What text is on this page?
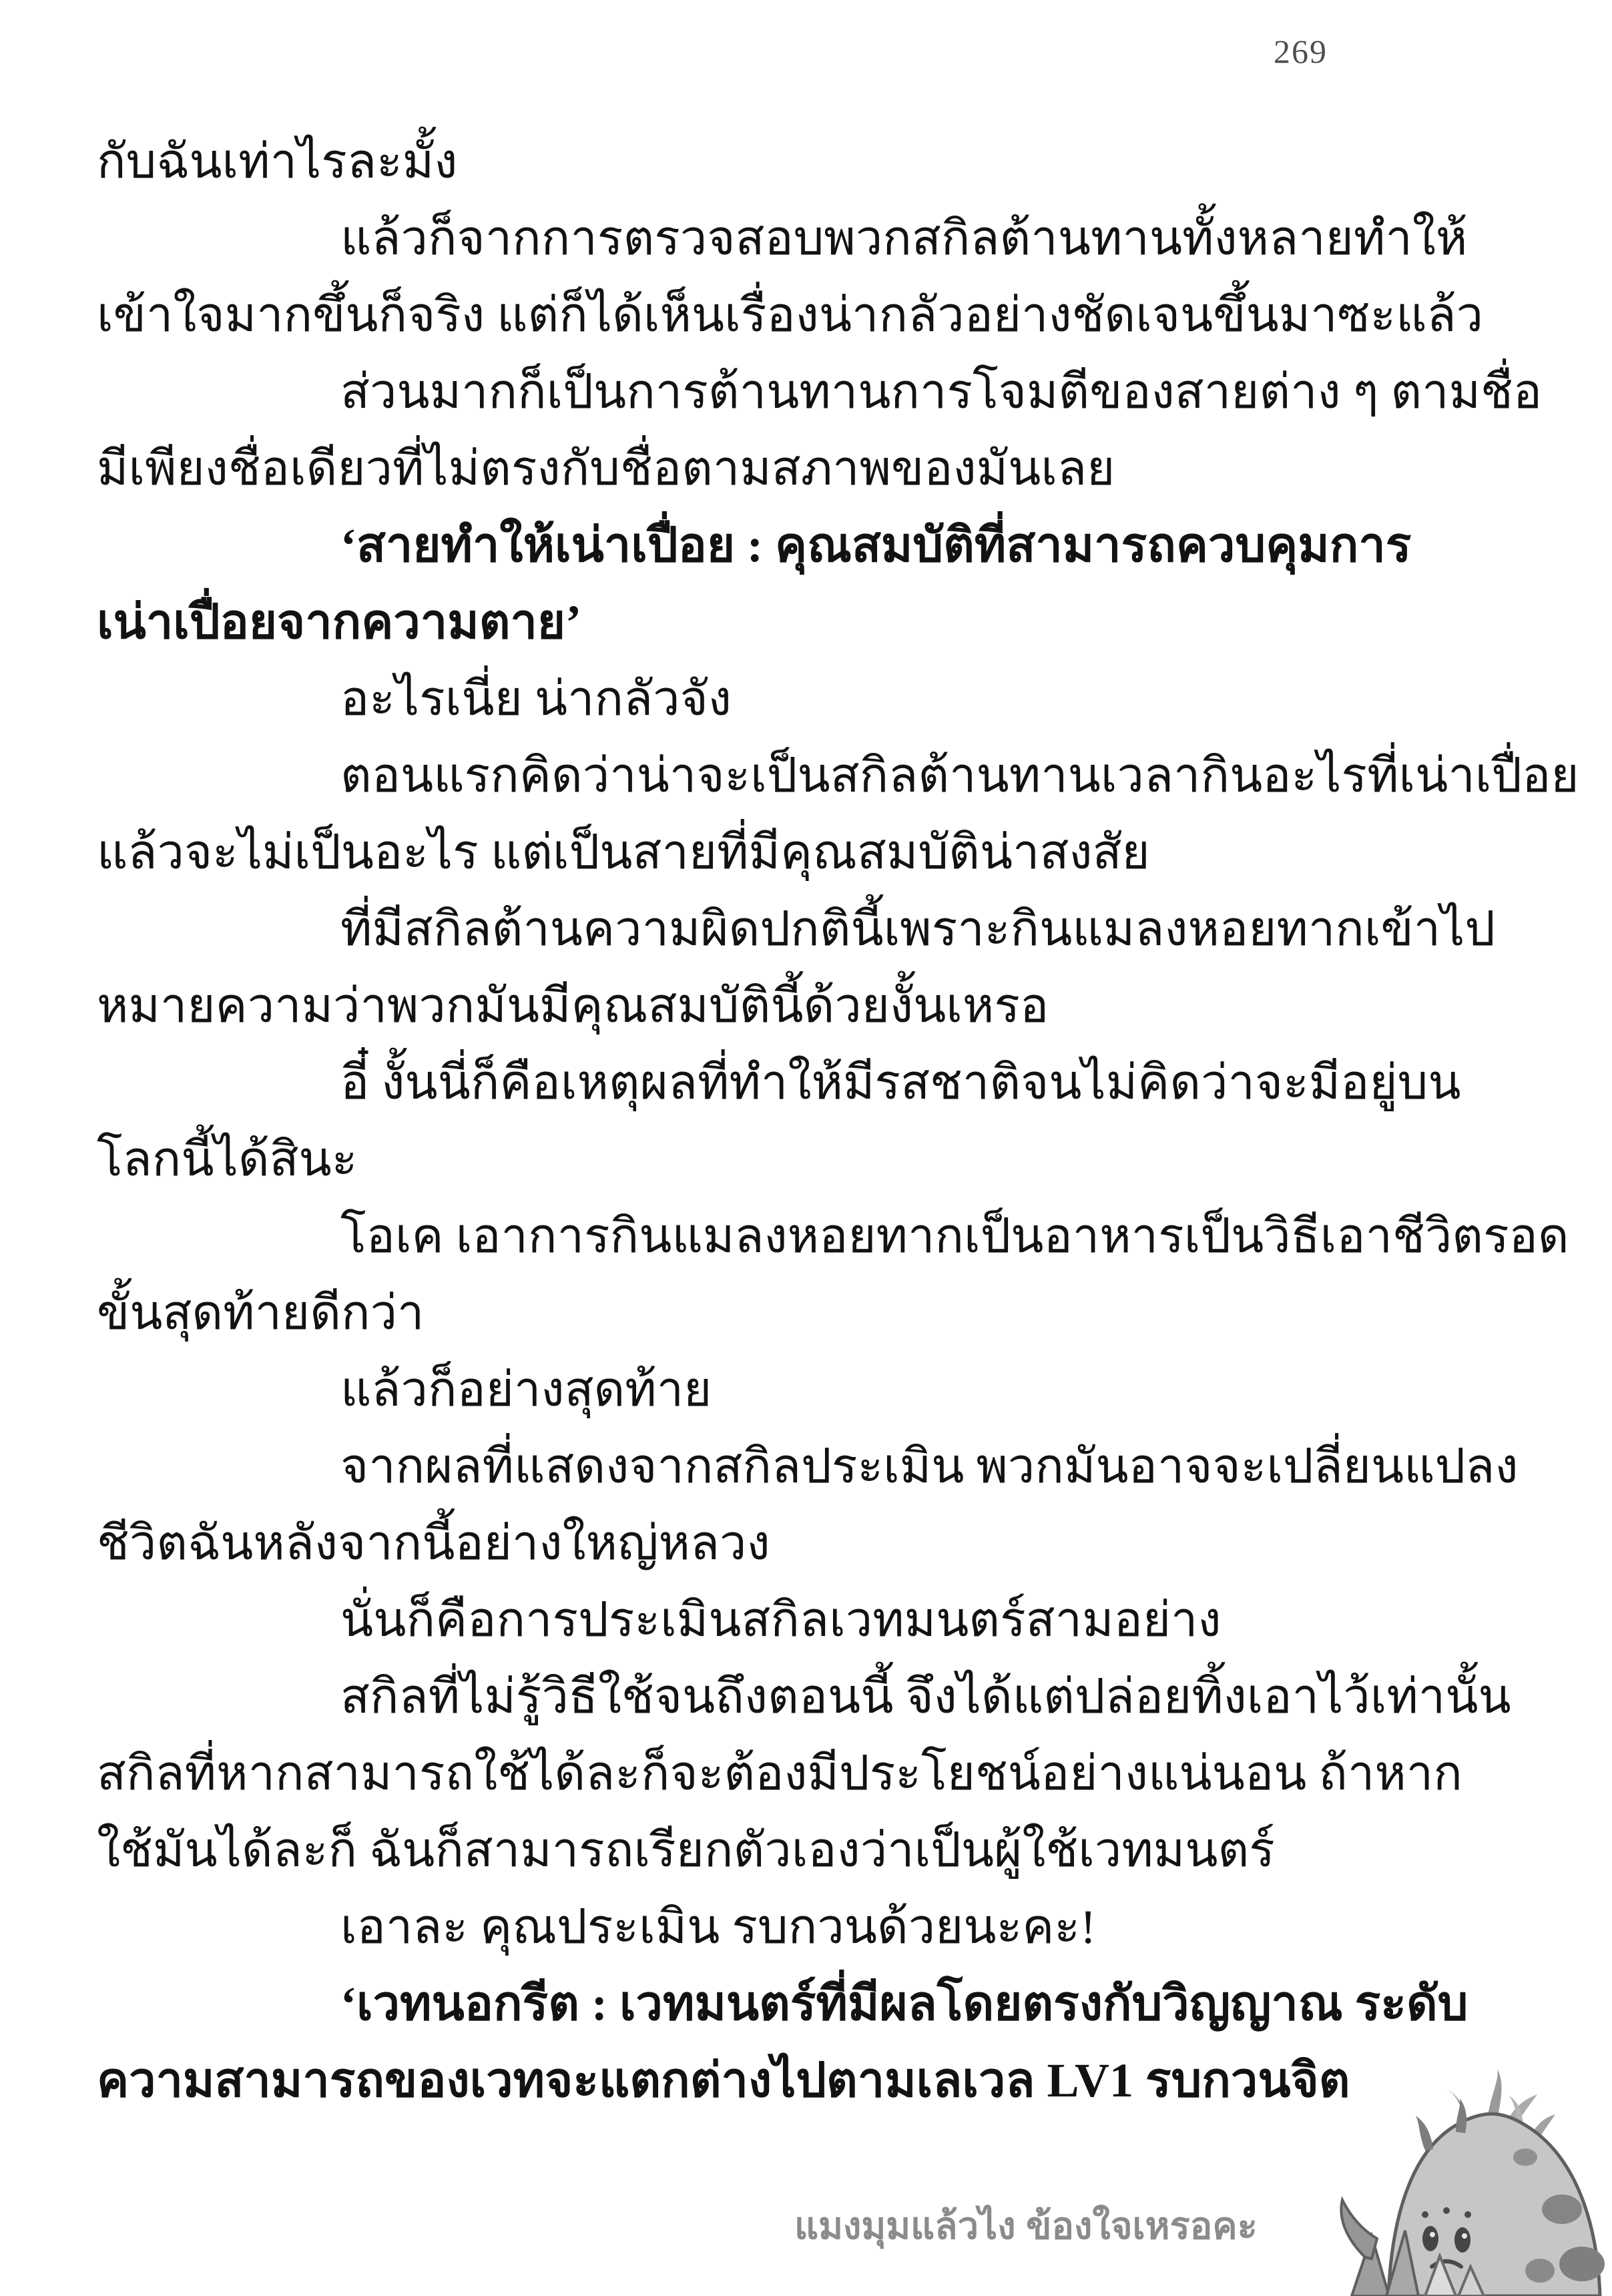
269
กับฉันเท่าไรละมั้ง
แล้วก็จากการตรวจสอบพวกสกิลต้านทานทั้งหลายทำให้
เข้าใจมากขึ้นก็จริง แต่ก็ได้เห็นเรื่องน่ากลัวอย่างชัดเจนขึ้นมาซะแล้ว
ส่วนมากก็เป็นการต้านทานการโจมตีของสายต่าง ๆ ตามชื่อ
มีเพียงชื่อเดียวที่ไม่ตรงกับชื่อตามสภาพของมันเลย
‘สายทำให้เน่าเปื่อย : คุณสมบัติที่สามารถควบคุมการ
เน่าเปื่อยจากความตาย’
อะไรเนี่ย น่ากลัวจัง
ตอนแรกคิดว่าน่าจะเป็นสกิลต้านทานเวลากินอะไรที่เน่าเปื่อย
แล้วจะไม่เป็นอะไร แต่เป็นสายที่มีคุณสมบัติน่าสงสัย
ที่มีสกิลต้านความผิดปกตินี้เพราะกินแมลงหอยทากเข้าไป
หมายความว่าพวกมันมีคุณสมบัตินี้ด้วยงั้นเหรอ
อี๋ งั้นนี่ก็คือเหตุผลที่ทำให้มีรสชาติจนไม่คิดว่าจะมีอยู่บน
โลกนี้ได้สินะ
โอเค เอาการกินแมลงหอยทากเป็นอาหารเป็นวิธีเอาชีวิตรอด
ขั้นสุดท้ายดีกว่า
แล้วก็อย่างสุดท้าย
จากผลที่แสดงจากสกิลประเมิน พวกมันอาจจะเปลี่ยนแปลง
ชีวิตฉันหลังจากนี้อย่างใหญ่หลวง
นั่นก็คือการประเมินสกิลเวทมนตร์สามอย่าง
สกิลที่ไม่รู้วิธีใช้จนถึงตอนนี้ จึงได้แต่ปล่อยทิ้งเอาไว้เท่านั้น
สกิลที่หากสามารถใช้ได้ละก็จะต้องมีประโยชน์อย่างแน่นอน ถ้าหาก
ใช้มันได้ละก็ ฉันก็สามารถเรียกตัวเองว่าเป็นผู้ใช้เวทมนตร์
เอาละ คุณประเมิน รบกวนด้วยนะคะ!
‘เวทนอกรีต : เวทมนตร์ที่มีผลโดยตรงกับวิญญาณ ระดับ
ความสามารถของเวทจะแตกต่างไปตามเลเวล LV1 รบกวนจิต
แมงมุมแล้วไง ข้องใจเหรอคะ
